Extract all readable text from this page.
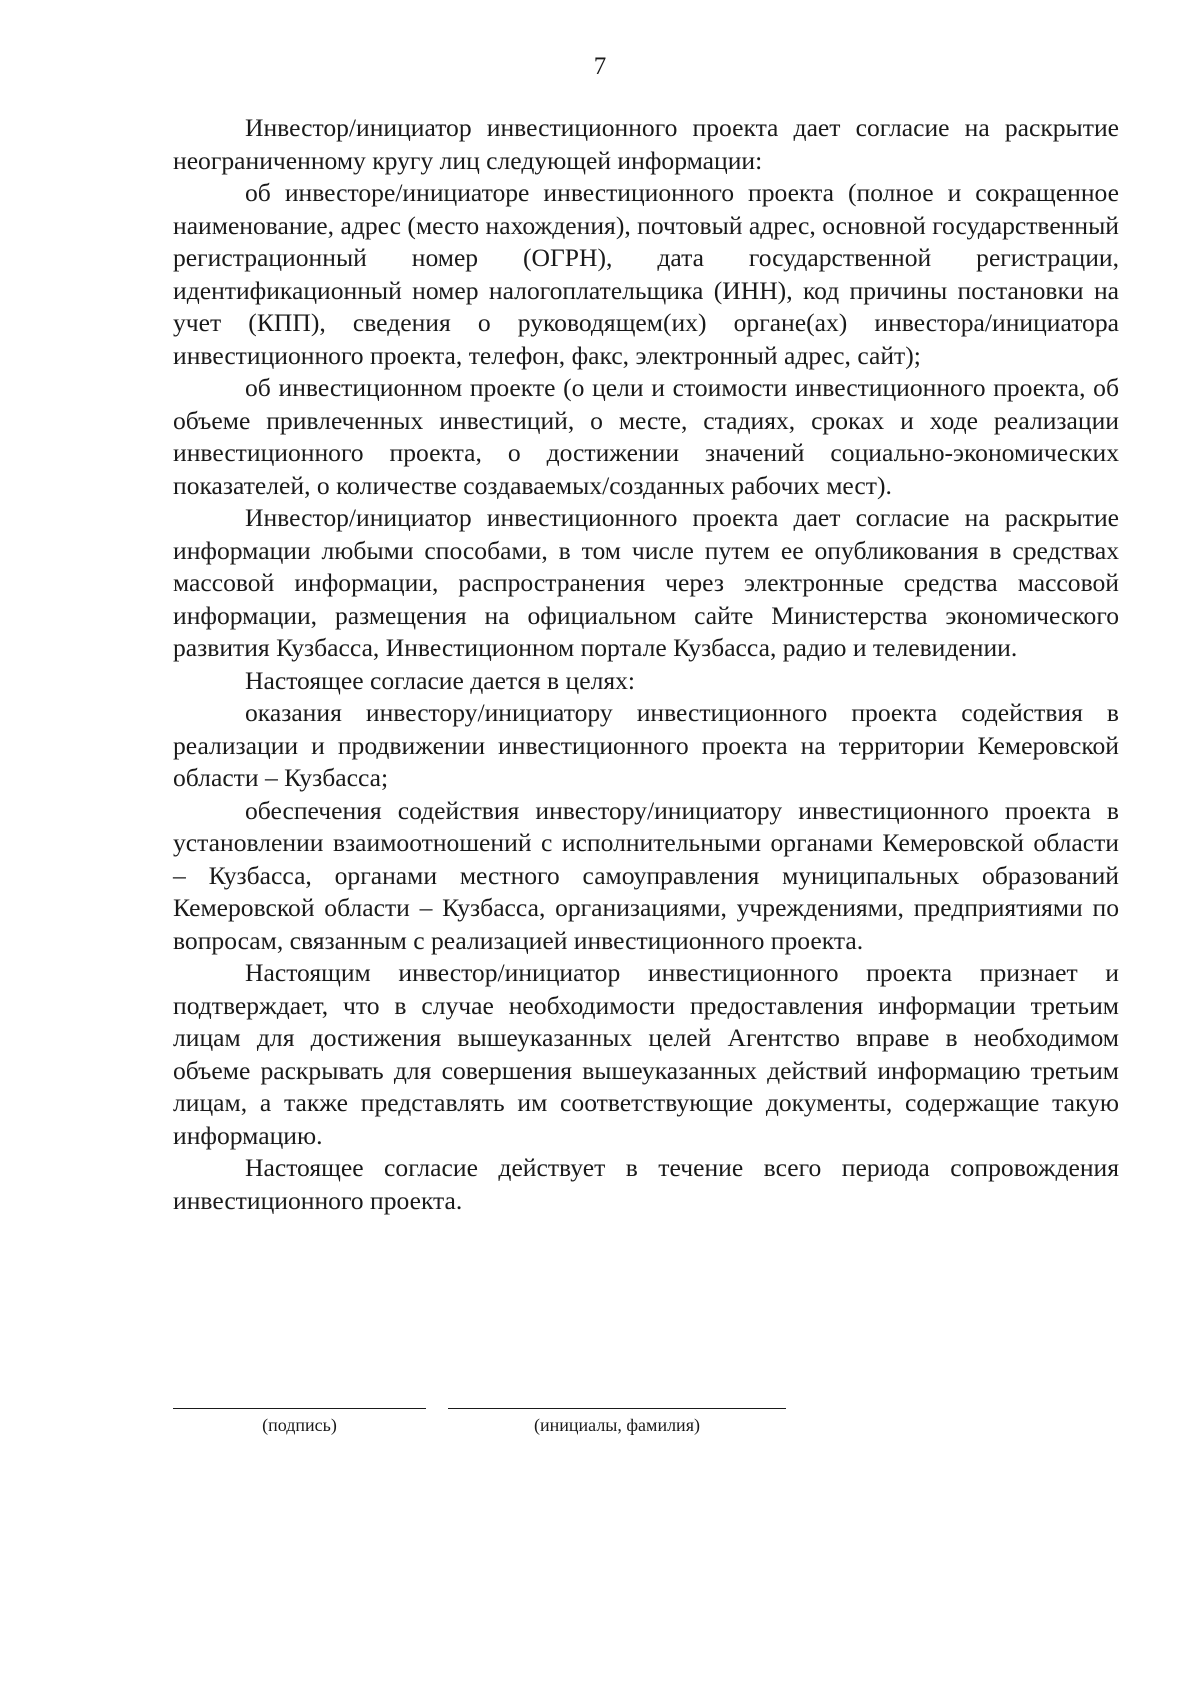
7

Инвестор/инициатор инвестиционного проекта дает согласие на раскрытие неограниченному кругу лиц следующей информации:

об инвесторе/инициаторе инвестиционного проекта (полное и сокращенное наименование, адрес (место нахождения), почтовый адрес, основной государственный регистрационный номер (ОГРН), дата государственной регистрации, идентификационный номер налогоплательщика (ИНН), код причины постановки на учет (КПП), сведения о руководящем(их) органе(ах) инвестора/инициатора инвестиционного проекта, телефон, факс, электронный адрес, сайт);

об инвестиционном проекте (о цели и стоимости инвестиционного проекта, об объеме привлеченных инвестиций, о месте, стадиях, сроках и ходе реализации инвестиционного проекта, о достижении значений социально-экономических показателей, о количестве создаваемых/созданных рабочих мест).

Инвестор/инициатор инвестиционного проекта дает согласие на раскрытие информации любыми способами, в том числе путем ее опубликования в средствах массовой информации, распространения через электронные средства массовой информации, размещения на официальном сайте Министерства экономического развития Кузбасса, Инвестиционном портале Кузбасса, радио и телевидении.

Настоящее согласие дается в целях:

оказания инвестору/инициатору инвестиционного проекта содействия в реализации и продвижении инвестиционного проекта на территории Кемеровской области – Кузбасса;

обеспечения содействия инвестору/инициатору инвестиционного проекта в установлении взаимоотношений с исполнительными органами Кемеровской области – Кузбасса, органами местного самоуправления муниципальных образований Кемеровской области – Кузбасса, организациями, учреждениями, предприятиями по вопросам, связанным с реализацией инвестиционного проекта.

Настоящим инвестор/инициатор инвестиционного проекта признает и подтверждает, что в случае необходимости предоставления информации третьим лицам для достижения вышеуказанных целей Агентство вправе в необходимом объеме раскрывать для совершения вышеуказанных действий информацию третьим лицам, а также представлять им соответствующие документы, содержащие такую информацию.

Настоящее согласие действует в течение всего периода сопровождения инвестиционного проекта.

(подпись)	(инициалы, фамилия)
